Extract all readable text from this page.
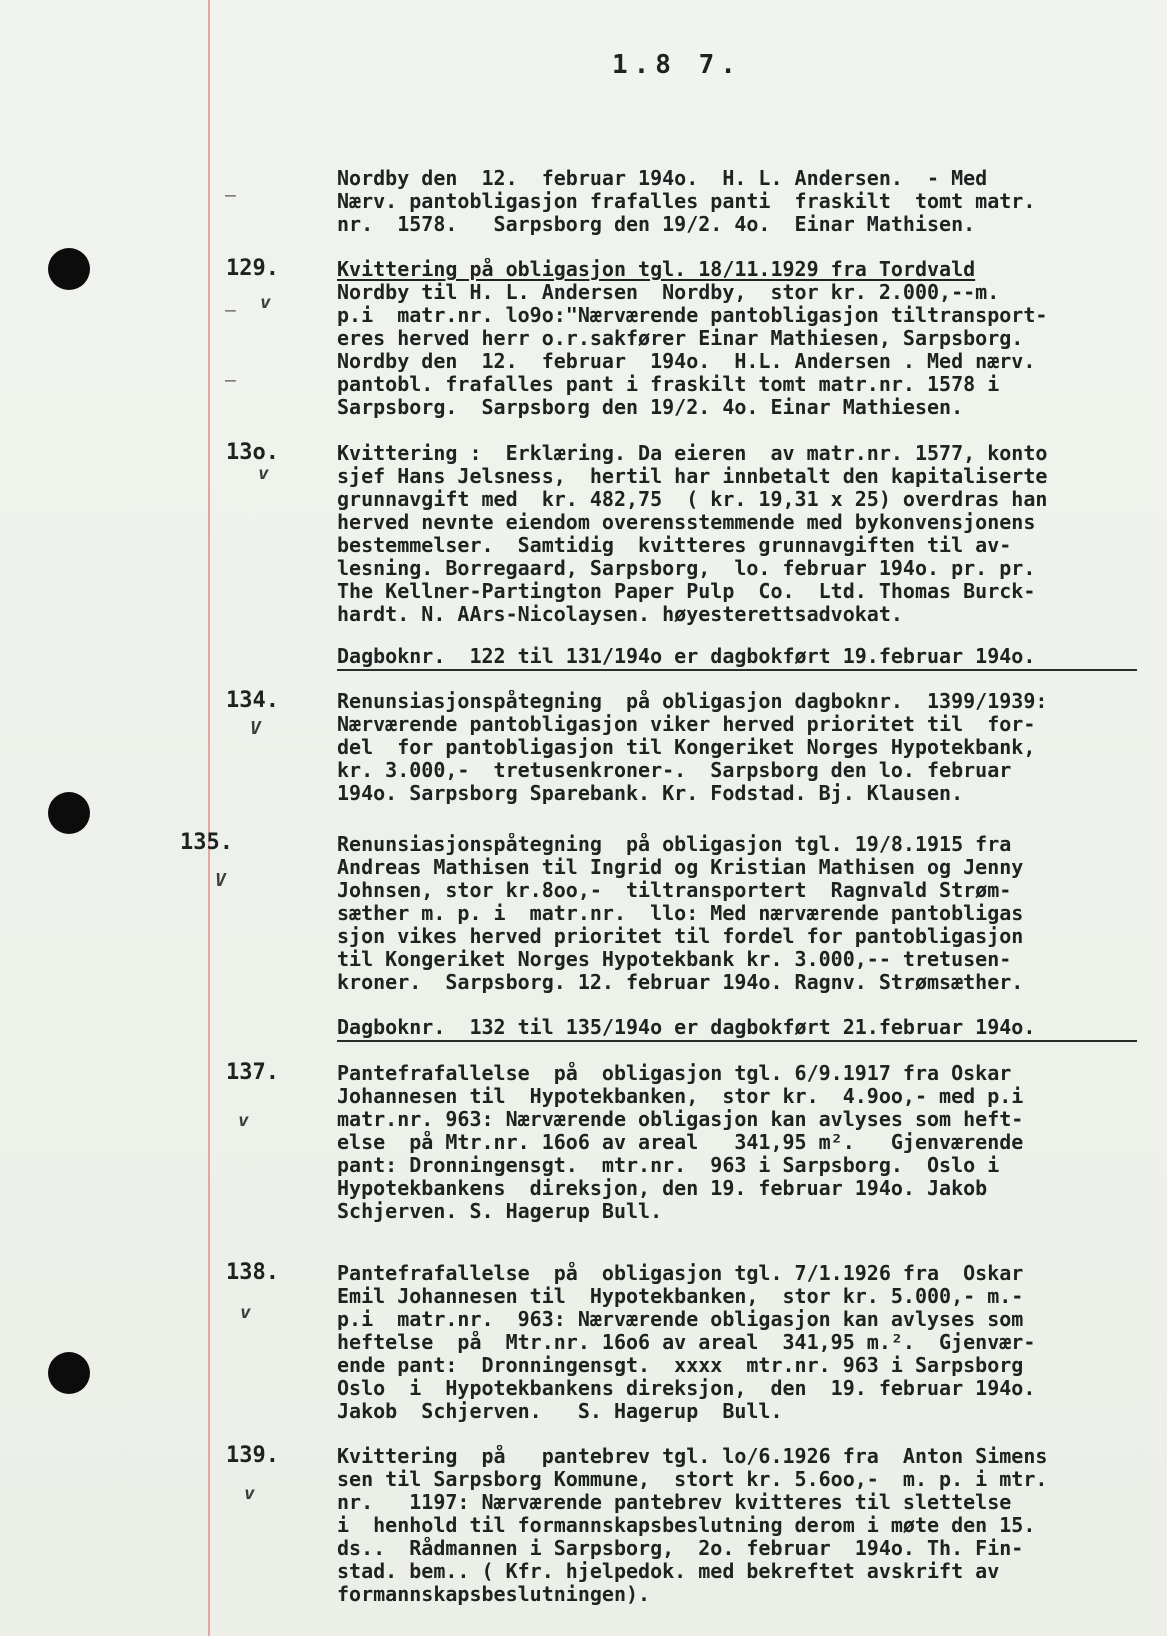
1.8 7.
–
–
–
129.
13o.
134.
135.
137.
138.
139.
v
v
V
V
v
v
v
Nordby den  12.  februar 194o.  H. L. Andersen.  - Med
Nærv. pantobligasjon frafalles panti  fraskilt  tomt matr.
nr.  1578.   Sarpsborg den 19/2. 4o.  Einar Mathisen.
Kvittering på obligasjon tgl. 18/11.1929 fra Tordvald
Nordby til H. L. Andersen  Nordby,  stor kr. 2.000,--m.
p.i  matr.nr. lo9o:"Nærværende pantobligasjon tiltransport-
eres herved herr o.r.sakfører Einar Mathiesen, Sarpsborg.
Nordby den  12.  februar  194o.  H.L. Andersen . Med nærv.
pantobl. frafalles pant i fraskilt tomt matr.nr. 1578 i
Sarpsborg.  Sarpsborg den 19/2. 4o. Einar Mathiesen.
Kvittering :  Erklæring. Da eieren  av matr.nr. 1577, konto
sjef Hans Jelsness,  hertil har innbetalt den kapitaliserte
grunnavgift med  kr. 482,75  ( kr. 19,31 x 25) overdras han
herved nevnte eiendom overensstemmende med bykonvensjonens
bestemmelser.  Samtidig  kvitteres grunnavgiften til av-
lesning. Borregaard, Sarpsborg,  lo. februar 194o. pr. pr.
The Kellner-Partington Paper Pulp  Co.  Ltd. Thomas Burck-
hardt. N. AArs-Nicolaysen. høyesterettsadvokat.
Dagboknr.  122 til 131/194o er dagbokført 19.februar 194o.
Renunsiasjonspåtegning  på obligasjon dagboknr.  1399/1939:
Nærværende pantobligasjon viker herved prioritet til  for-
del  for pantobligasjon til Kongeriket Norges Hypotekbank,
kr. 3.000,-  tretusenkroner-.  Sarpsborg den lo. februar
194o. Sarpsborg Sparebank. Kr. Fodstad. Bj. Klausen.
Renunsiasjonspåtegning  på obligasjon tgl. 19/8.1915 fra
Andreas Mathisen til Ingrid og Kristian Mathisen og Jenny
Johnsen, stor kr.8oo,-  tiltransportert  Ragnvald Strøm-
sæther m. p. i  matr.nr.  llo: Med nærværende pantobligas
sjon vikes herved prioritet til fordel for pantobligasjon
til Kongeriket Norges Hypotekbank kr. 3.000,-- tretusen-
kroner.  Sarpsborg. 12. februar 194o. Ragnv. Strømsæther.
Dagboknr.  132 til 135/194o er dagbokført 21.februar 194o.
Pantefrafallelse  på  obligasjon tgl. 6/9.1917 fra Oskar
Johannesen til  Hypotekbanken,  stor kr.  4.9oo,- med p.i
matr.nr. 963: Nærværende obligasjon kan avlyses som heft-
else  på Mtr.nr. 16o6 av areal   341,95 m².   Gjenværende
pant: Dronningensgt.  mtr.nr.  963 i Sarpsborg.  Oslo i
Hypotekbankens  direksjon, den 19. februar 194o. Jakob
Schjerven. S. Hagerup Bull.
Pantefrafallelse  på  obligasjon tgl. 7/1.1926 fra  Oskar
Emil Johannesen til  Hypotekbanken,  stor kr. 5.000,- m.-
p.i  matr.nr.  963: Nærværende obligasjon kan avlyses som
heftelse  på  Mtr.nr. 16o6 av areal  341,95 m.².  Gjenvær-
ende pant:  Dronningensgt.  xxxx  mtr.nr. 963 i Sarpsborg
Oslo  i  Hypotekbankens direksjon,  den  19. februar 194o.
Jakob  Schjerven.   S. Hagerup  Bull.
Kvittering  på   pantebrev tgl. lo/6.1926 fra  Anton Simens
sen til Sarpsborg Kommune,  stort kr. 5.6oo,-  m. p. i mtr.
nr.   1197: Nærværende pantebrev kvitteres til slettelse
i  henhold til formannskapsbeslutning derom i møte den 15.
ds..  Rådmannen i Sarpsborg,  2o. februar  194o. Th. Fin-
stad. bem.. ( Kfr. hjelpedok. med bekreftet avskrift av
formannskapsbeslutningen).
